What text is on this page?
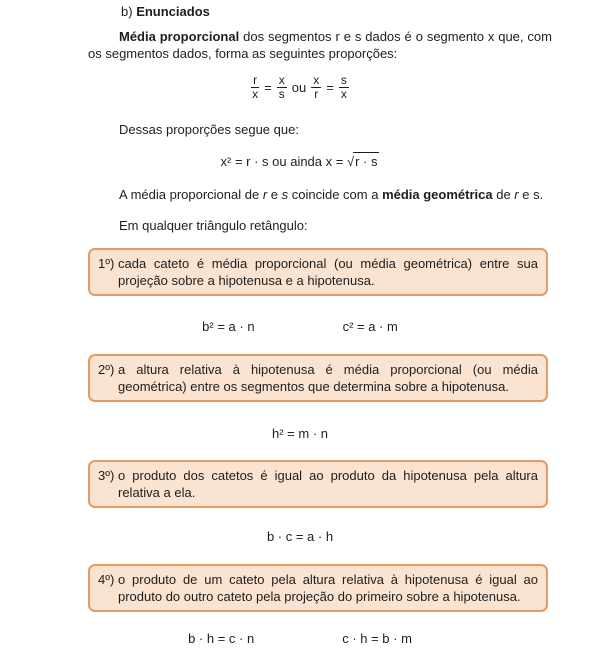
b) Enunciados
Média proporcional dos segmentos r e s dados é o segmento x que, com os segmentos dados, forma as seguintes proporções:
$\frac{r}{x} = \frac{x}{s}$ ou $\frac{x}{r} = \frac{s}{x}$
Dessas proporções segue que:
x² = r · s ou ainda x = √r · s
A média proporcional de r e s coincide com a média geométrica de r e s.
Em qualquer triângulo retângulo:
1º) cada cateto é média proporcional (ou média geométrica) entre sua projeção sobre a hipotenusa e a hipotenusa.
b² = a · n	c² = a · m
2º) a altura relativa à hipotenusa é média proporcional (ou média geométrica) entre os segmentos que determina sobre a hipotenusa.
h² = m · n
3º) o produto dos catetos é igual ao produto da hipotenusa pela altura relativa a ela.
b · c = a · h
4º) o produto de um cateto pela altura relativa à hipotenusa é igual ao produto do outro cateto pela projeção do primeiro sobre a hipotenusa.
b · h = c · n	c · h = b · m
